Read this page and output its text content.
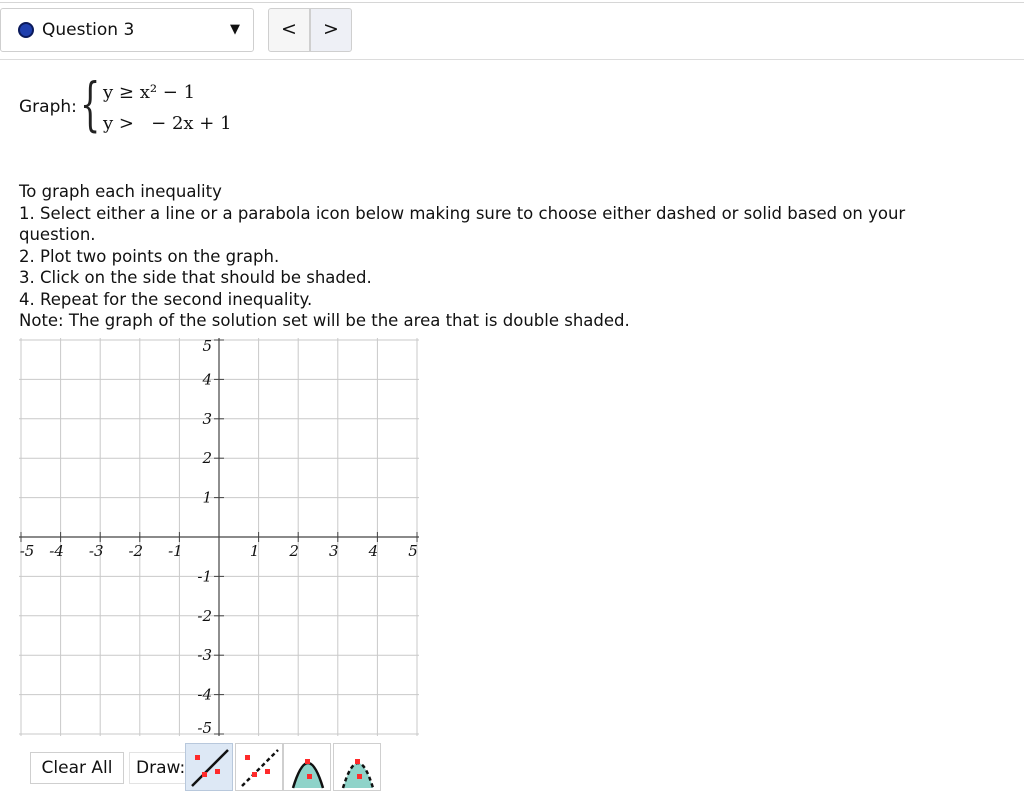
Question 3	▼	<	>
Graph: { y ≥ x² − 1
y >   − 2x + 1
To graph each inequality
1. Select either a line or a parabola icon below making sure to choose either dashed or solid based on your question.
2. Plot two points on the graph.
3. Click on the side that should be shaded.
4. Repeat for the second inequality.
Note: The graph of the solution set will be the area that is double shaded.
-5 -4 -3 -2 -1	1 2 3 4 5
5
4
3
2
1
-1
-2
-3
-4
-5
Clear All	Draw:
